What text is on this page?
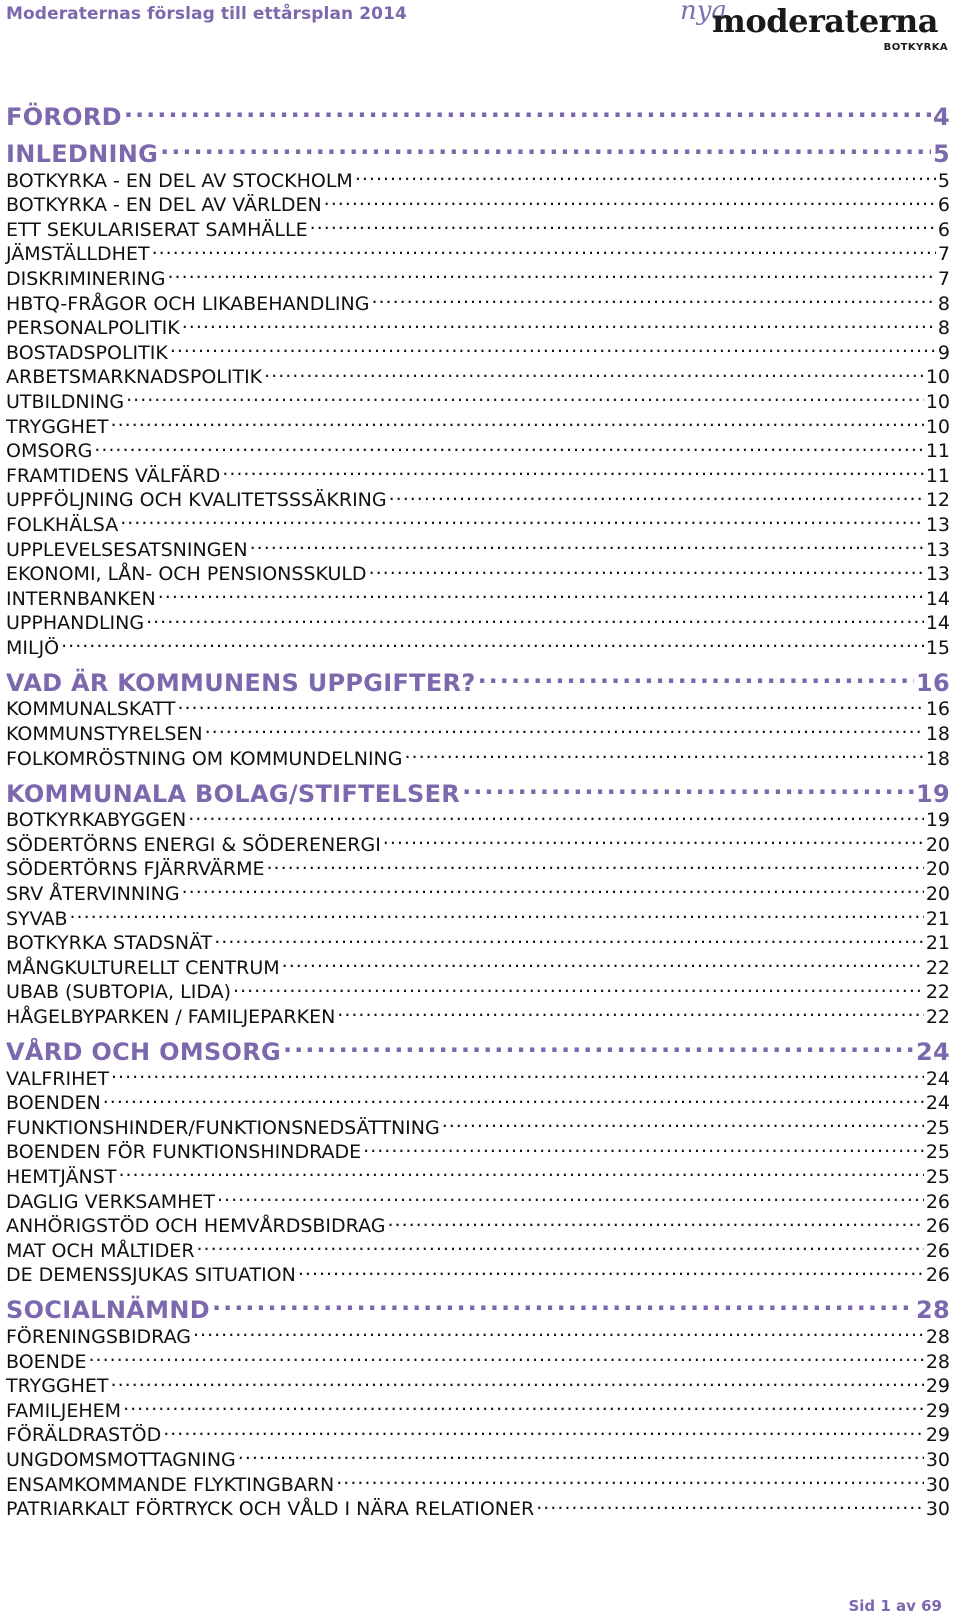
Moderaternas förslag till ettårsplan 2014	nya
moderaterna
BOTKYRKA
FÖRORD .....	4
INLEDNING .....	5
BOTKYRKA - EN DEL AV STOCKHOLM .....	5
BOTKYRKA - EN DEL AV VÄRLDEN .....	6
ETT SEKULARISERAT SAMHÄLLE .....	6
JÄMSTÄLLDHET .....	7
DISKRIMINERING .....	7
HBTQ-FRÅGOR OCH LIKABEHANDLING .....	8
PERSONALPOLITIK .....	8
BOSTADSPOLITIK .....	9
ARBETSMARKNADSPOLITIK .....	10
UTBILDNING .....	10
TRYGGHET .....	10
OMSORG .....	11
FRAMTIDENS VÄLFÄRD .....	11
UPPFÖLJNING OCH KVALITETSSSÄKRING .....	12
FOLKHÄLSA .....	13
UPPLEVELSESATSNINGEN .....	13
EKONOMI, LÅN- OCH PENSIONSSKULD .....	13
INTERNBANKEN .....	14
UPPHANDLING .....	14
MILJÖ .....	15
VAD ÄR KOMMUNENS UPPGIFTER? .....	16
KOMMUNALSKATT .....	16
KOMMUNSTYRELSEN .....	18
FOLKOMRÖSTNING OM KOMMUNDELNING .....	18
KOMMUNALA BOLAG/STIFTELSER .....	19
BOTKYRKABYGGEN .....	19
SÖDERTÖRNS ENERGI & SÖDERENERGI .....	20
SÖDERTÖRNS FJÄRRVÄRME .....	20
SRV ÅTERVINNING .....	20
SYVAB .....	21
BOTKYRKA STADSNÄT .....	21
MÅNGKULTURELLT CENTRUM .....	22
UBAB (SUBTOPIA, LIDA) .....	22
HÅGELBYPARKEN / FAMILJEPARKEN .....	22
VÅRD OCH OMSORG .....	24
VALFRIHET .....	24
BOENDEN .....	24
FUNKTIONSHINDER/FUNKTIONSNEDSÄTTNING .....	25
BOENDEN FÖR FUNKTIONSHINDRADE .....	25
HEMTJÄNST .....	25
DAGLIG VERKSAMHET .....	26
ANHÖRIGSTÖD OCH HEMVÅRDSBIDRAG .....	26
MAT OCH MÅLTIDER .....	26
DE DEMENSSJUKAS SITUATION .....	26
SOCIALNÄMND .....	28
FÖRENINGSBIDRAG .....	28
BOENDE .....	28
TRYGGHET .....	29
FAMILJEHEM .....	29
FÖRÄLDRASTÖD .....	29
UNGDOMSMOTTAGNING .....	30
ENSAMKOMMANDE FLYKTINGBARN .....	30
PATRIARKALT FÖRTRYCK OCH VÅLD I NÄRA RELATIONER .....	30
Sid 1 av 69
